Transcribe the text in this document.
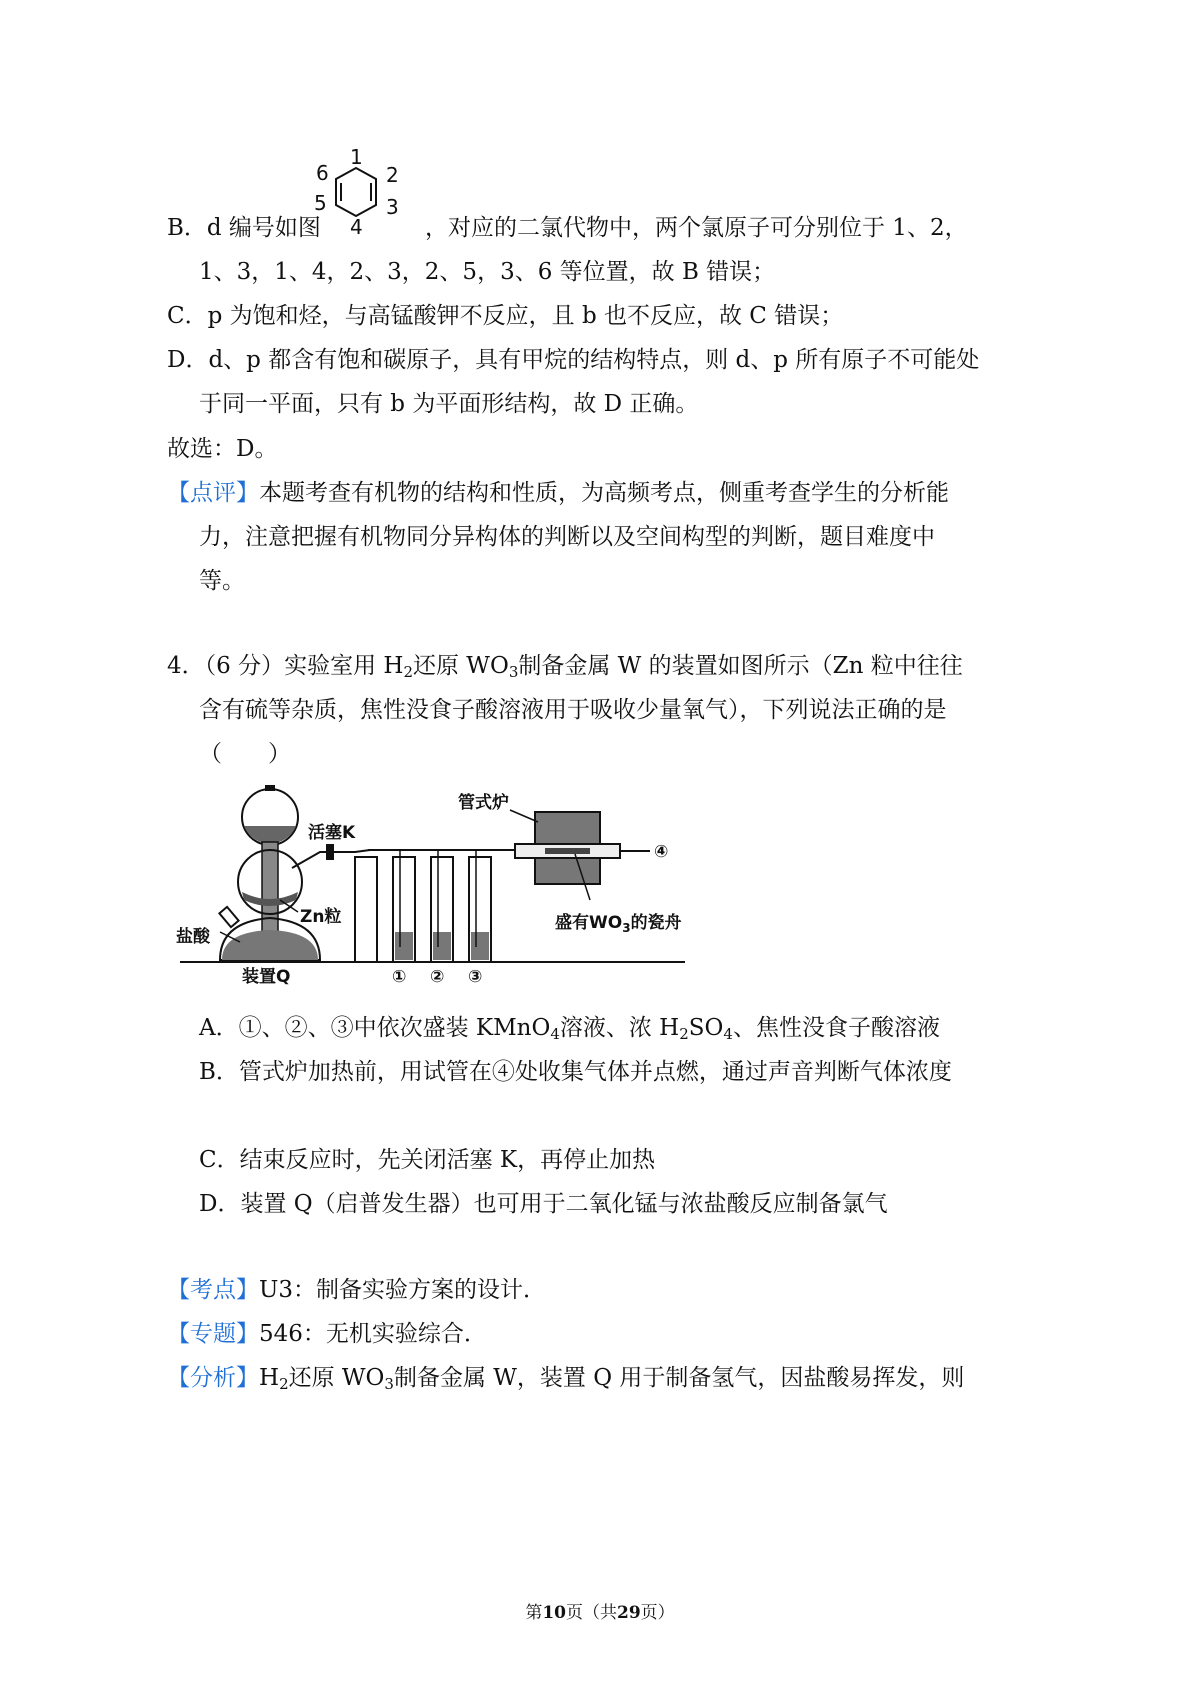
1
2
3
4
5
6
B．d 编号如图	，对应的二氯代物中，两个氯原子可分别位于 1、2，
1、3，1、4，2、3，2、5，3、6 等位置，故 B 错误；
C．p 为饱和烃，与高锰酸钾不反应，且 b 也不反应，故 C 错误；
D．d、p 都含有饱和碳原子，具有甲烷的结构特点，则 d、p 所有原子不可能处
于同一平面，只有 b 为平面形结构，故 D 正确。
故选：D。
【点评】本题考查有机物的结构和性质，为高频考点，侧重考查学生的分析能
力，注意把握有机物同分异构体的判断以及空间构型的判断，题目难度中
等。
4．（6 分）实验室用 $H_2$还原 $WO_3$制备金属 W 的装置如图所示（Zn 粒中往往
含有硫等杂质，焦性没食子酸溶液用于吸收少量氧气），下列说法正确的是
（　　）
管式炉
活塞K
Zn粒
盐酸
装置Q
盛有$WO_3$的瓷舟
① ② ③
④
A．①、②、③中依次盛装 KMnO$_4$溶液、浓 $H_2SO_4$、焦性没食子酸溶液
B．管式炉加热前，用试管在④处收集气体并点燃，通过声音判断气体浓度
C．结束反应时，先关闭活塞 K，再停止加热
D．装置 Q（启普发生器）也可用于二氧化锰与浓盐酸反应制备氯气
【考点】U3：制备实验方案的设计．
【专题】546：无机实验综合．
【分析】$H_2$还原 $WO_3$制备金属 W，装置 Q 用于制备氢气，因盐酸易挥发，则
第10页（共29页）
